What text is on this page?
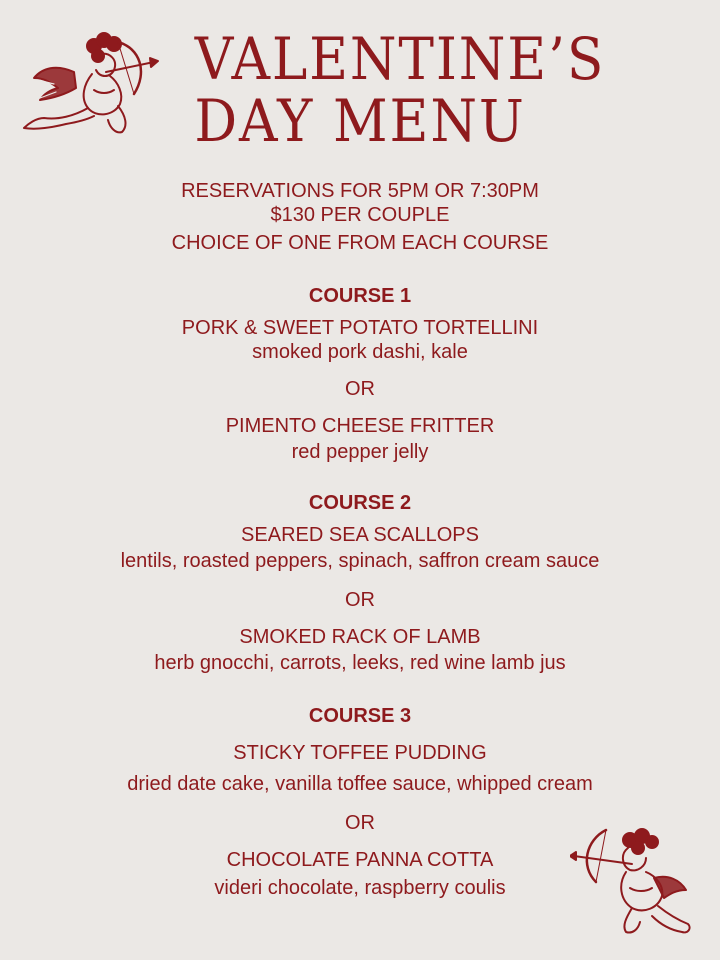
VALENTINE’S
DAY MENU
RESERVATIONS FOR 5PM OR 7:30PM
$130 PER COUPLE
CHOICE OF ONE FROM EACH COURSE
COURSE 1
PORK & SWEET POTATO TORTELLINI
smoked pork dashi, kale
OR
PIMENTO CHEESE FRITTER
red pepper jelly
COURSE 2
SEARED SEA SCALLOPS
lentils, roasted peppers, spinach, saffron cream sauce
OR
SMOKED RACK OF LAMB
herb gnocchi, carrots, leeks, red wine lamb jus
COURSE 3
STICKY TOFFEE PUDDING
dried date cake, vanilla toffee sauce, whipped cream
OR
CHOCOLATE PANNA COTTA
videri chocolate, raspberry coulis
